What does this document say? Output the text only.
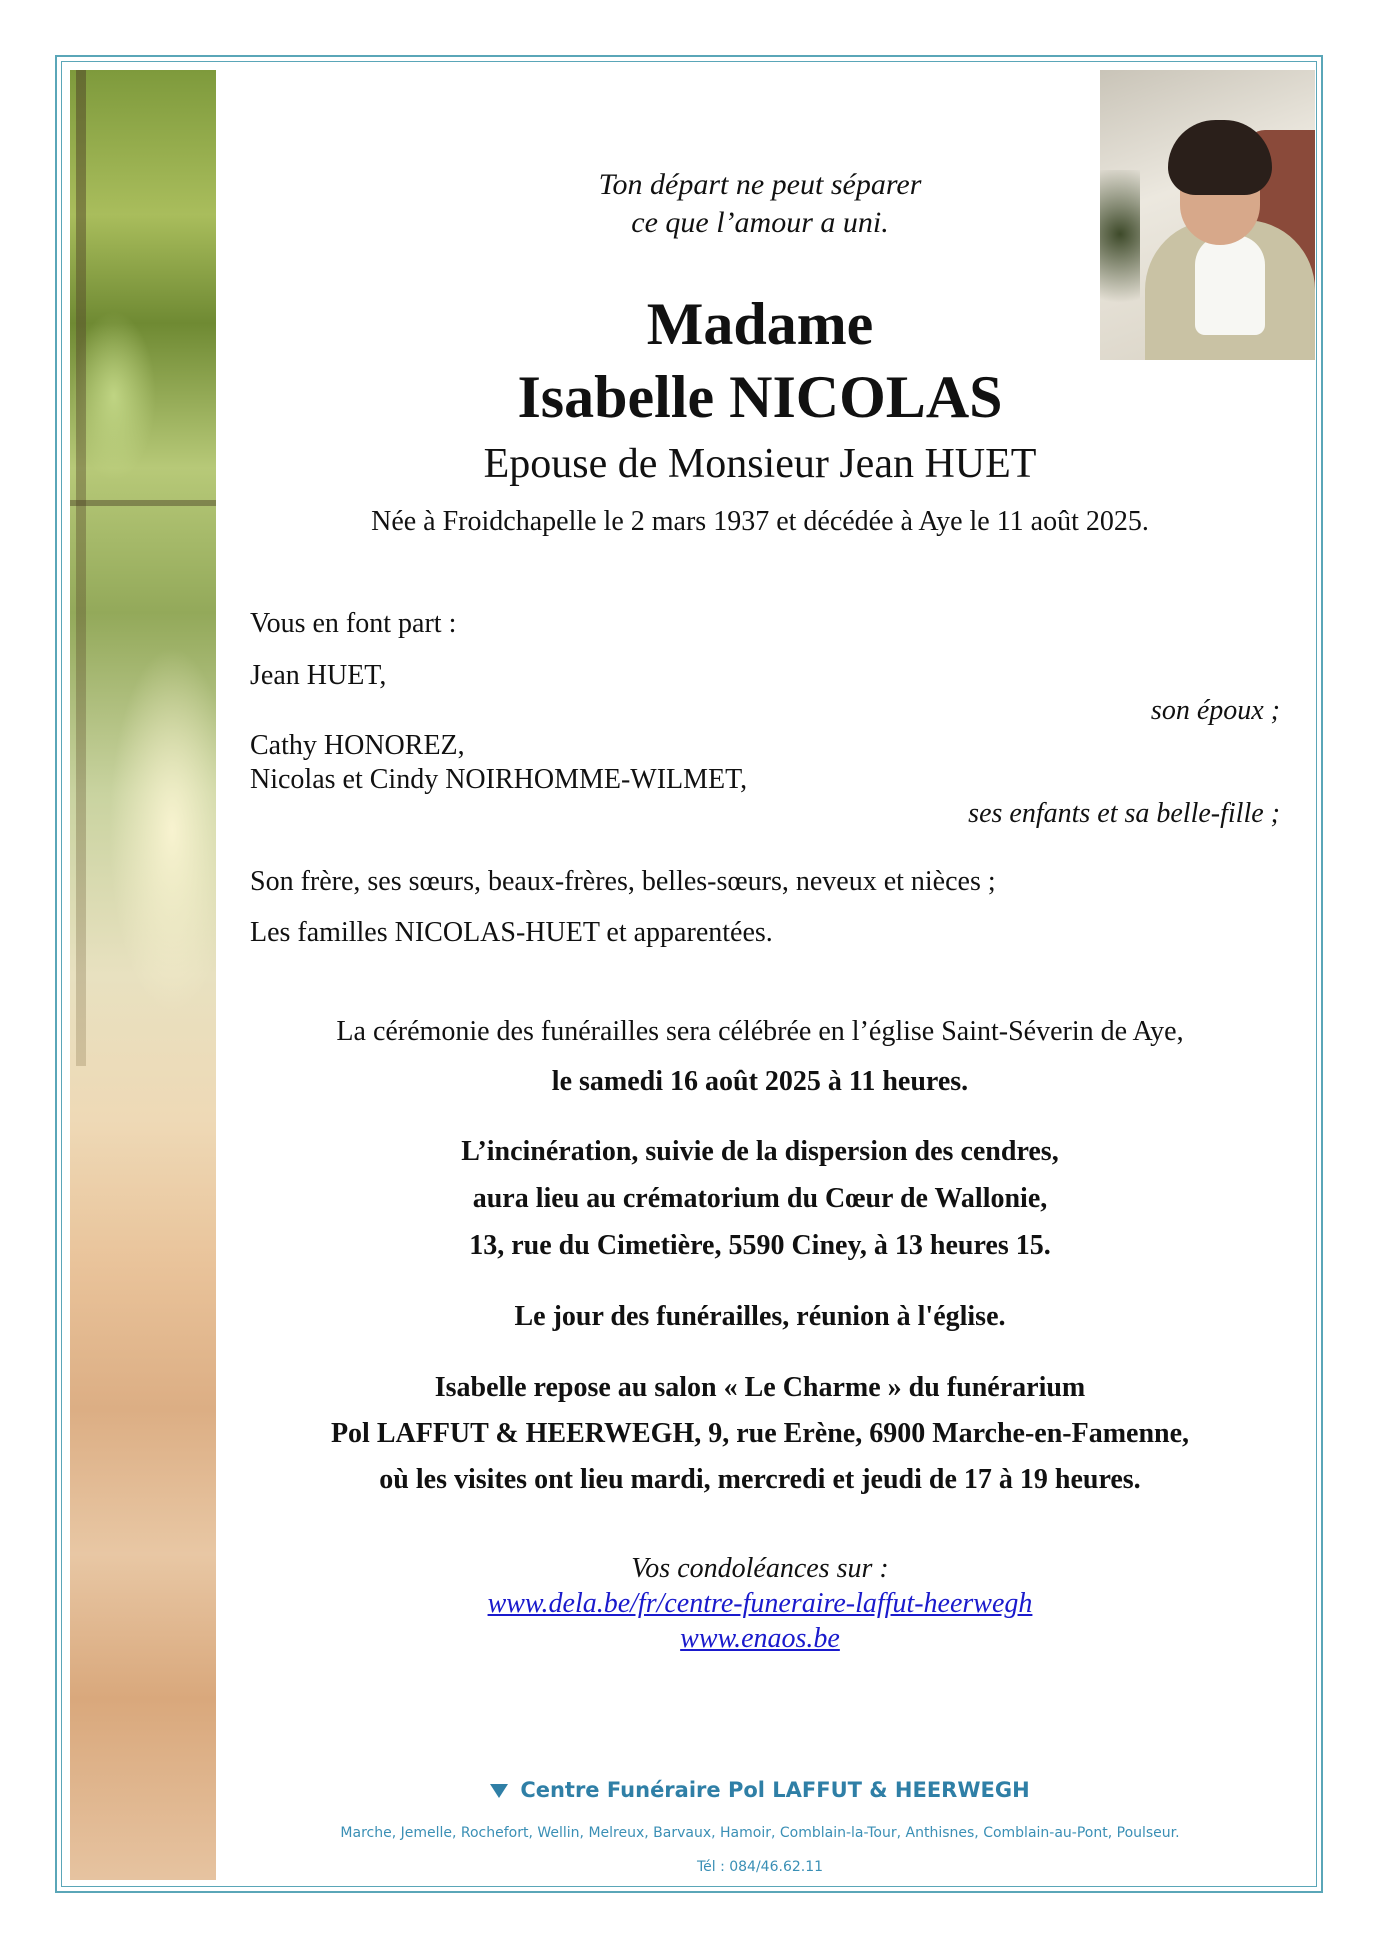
Ton départ ne peut séparer
ce que l’amour a uni.
Madame
Isabelle NICOLAS
Epouse de Monsieur Jean HUET
Née à Froidchapelle le 2 mars 1937 et décédée à Aye le 11 août 2025.
Vous en font part :
Jean HUET,
son époux ;
Cathy HONOREZ,
Nicolas et Cindy NOIRHOMME-WILMET,
ses enfants et sa belle-fille ;
Son frère, ses sœurs, beaux-frères, belles-sœurs, neveux et nièces ;
Les familles NICOLAS-HUET et apparentées.
La cérémonie des funérailles sera célébrée en l’église Saint-Séverin de Aye,
le samedi 16 août 2025 à 11 heures.
L’incinération, suivie de la dispersion des cendres,
aura lieu au crématorium du Cœur de Wallonie,
13, rue du Cimetière, 5590 Ciney, à 13 heures 15.
Le jour des funérailles, réunion à l'église.
Isabelle repose au salon « Le Charme » du funérarium
Pol LAFFUT & HEERWEGH, 9, rue Erène, 6900 Marche-en-Famenne,
où les visites ont lieu mardi, mercredi et jeudi de 17 à 19 heures.
Vos condoléances sur :
www.dela.be/fr/centre-funeraire-laffut-heerwegh
www.enaos.be
Centre Funéraire Pol LAFFUT & HEERWEGH
Marche, Jemelle, Rochefort, Wellin, Melreux, Barvaux, Hamoir, Comblain-la-Tour, Anthisnes, Comblain-au-Pont, Poulseur.
Tél : 084/46.62.11
